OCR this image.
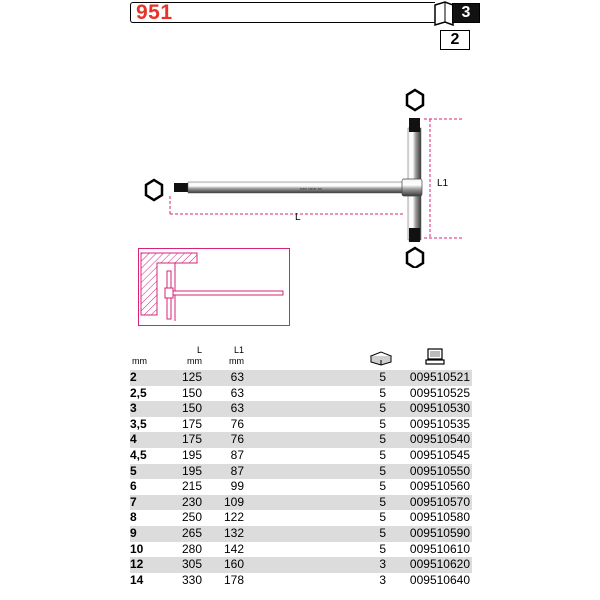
951	3
2
▪▪▪▪▪ ▪▪▪▪▪▪ ▪▪▪
L
L1
mm
L
mm
L1
mm
2	125 63	5 009510521
2,5	150 63	5 009510525
3	150 63	5 009510530
3,5	175 76	5 009510535
4	175 76	5 009510540
4,5	195 87	5 009510545
5	195 87	5 009510550
6	215 99	5 009510560
7	230 109	5 009510570
8	250 122	5 009510580
9	265 132	5 009510590
10	280 142	5 009510610
12	305 160	3 009510620
14	330 178	3 009510640
